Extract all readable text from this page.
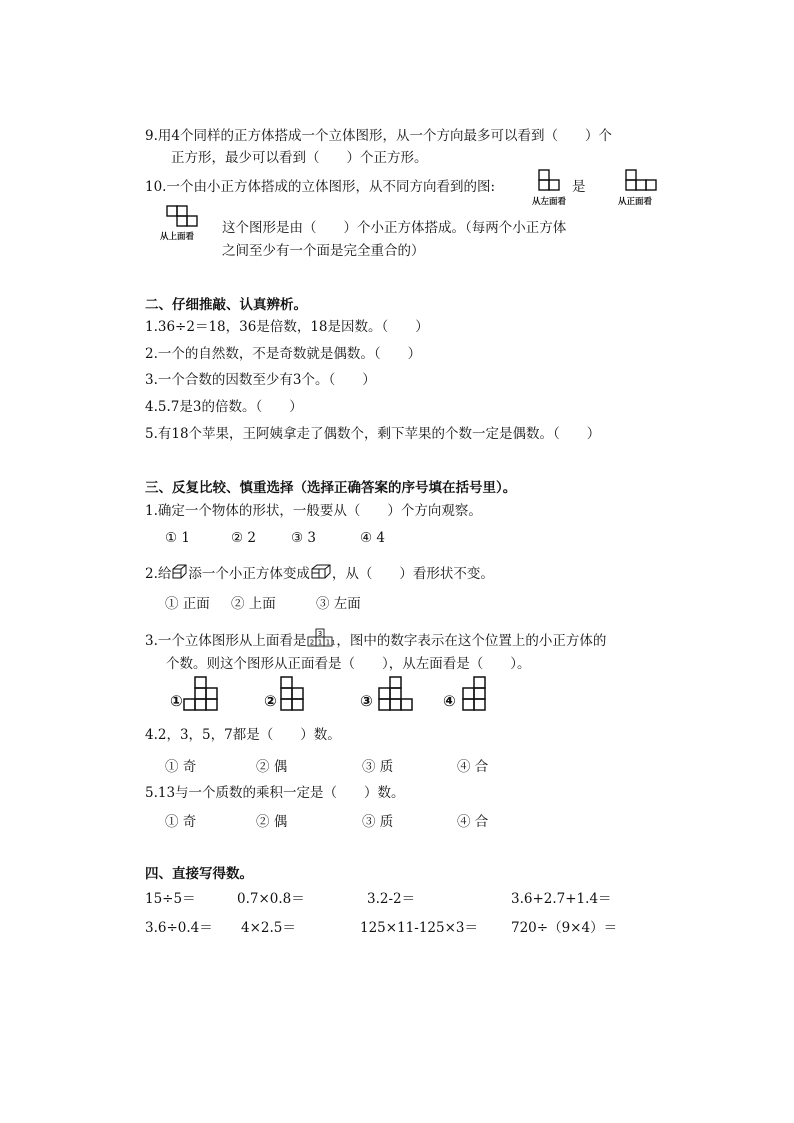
9.用4个同样的正方体搭成一个立体图形，从一个方向最多可以看到（　　）个
正方形，最少可以看到（　　）个正方形。
10.一个由小正方体搭成的立体图形，从不同方向看到的图:
从左面看
是
从正面看
从上面看
这个图形是由（　　）个小正方体搭成。（每两个小正方体
之间至少有一个面是完全重合的）
二、仔细推敲、认真辨析。
1.36÷2＝18，36是倍数，18是因数。（　　）
2.一个的自然数，不是奇数就是偶数。（　　）
3.一个合数的因数至少有3个。（　　）
4.5.7是3的倍数。（　　）
5.有18个苹果，王阿姨拿走了偶数个，剩下苹果的个数一定是偶数。（　　）
三、反复比较、慎重选择（选择正确答案的序号填在括号里）。
1.确定一个物体的形状，一般要从（　　）个方向观察。
① 1	② 2	③ 3	④ 4
2.给 添一个小正方体变成 ，从（　　）看形状不变。
① 正面 ② 上面	③ 左面
3.一个立体图形从上面看是 3
2 1 1 1 ，图中的数字表示在这个位置上的小正方体的
个数。则这个图形从正面看是（　　），从左面看是（　　）。
①	②	③	④
4.2，3，5，7都是（　　）数。
① 奇	② 偶	③ 质	④ 合
5.13与一个质数的乘积一定是（　　）数。
① 奇	② 偶	③ 质	④ 合
四、直接写得数。
15÷5＝	0.7×0.8＝	3.2-2＝	3.6+2.7+1.4＝
3.6÷0.4＝ 4×2.5＝	125×11-125×3＝ 720÷（9×4）＝
